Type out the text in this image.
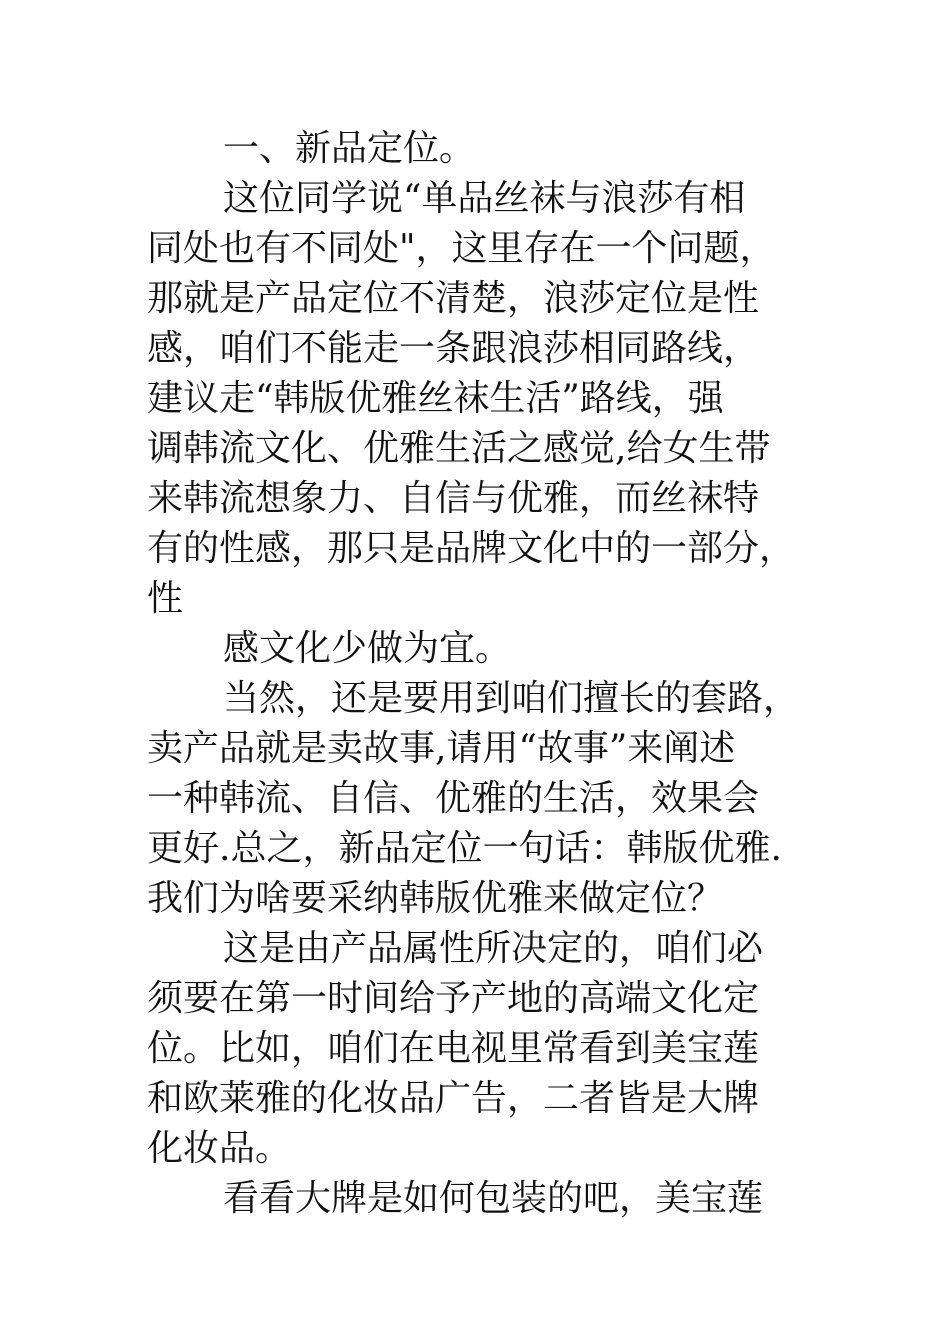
一、新品定位。
这位同学说“单品丝袜与浪莎有相
同处也有不同处"，这里存在一个问题，
那就是产品定位不清楚，浪莎定位是性
感，咱们不能走一条跟浪莎相同路线，
建议走“韩版优雅丝袜生活”路线，强
调韩流文化、优雅生活之感觉,给女生带
来韩流想象力、自信与优雅，而丝袜特
有的性感，那只是品牌文化中的一部分，
性
感文化少做为宜。
当然，还是要用到咱们擅长的套路，
卖产品就是卖故事,请用“故事”来阐述
一种韩流、自信、优雅的生活，效果会
更好.总之，新品定位一句话：韩版优雅.
我们为啥要采纳韩版优雅来做定位？
这是由产品属性所决定的，咱们必
须要在第一时间给予产地的高端文化定
位。比如，咱们在电视里常看到美宝莲
和欧莱雅的化妆品广告，二者皆是大牌
化妆品。
看看大牌是如何包装的吧，美宝莲
